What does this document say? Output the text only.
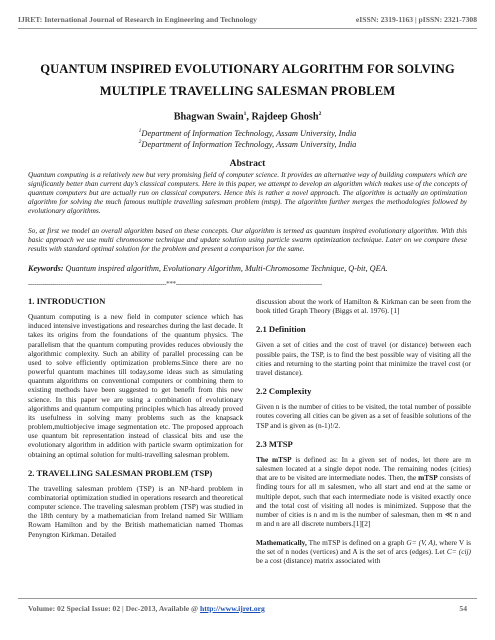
IJRET: International Journal of Research in Engineering and Technology	eISSN: 2319-1163 | pISSN: 2321-7308
QUANTUM INSPIRED EVOLUTIONARY ALGORITHM FOR SOLVING
MULTIPLE TRAVELLING SALESMAN PROBLEM
Bhagwan Swain$^1$, Rajdeep Ghosh$^2$
$^1$Department of Information Technology, Assam University, India
$^2$Department of Information Technology, Assam University, India
Abstract
Quantum computing is a relatively new but very promising field of computer science. It provides an alternative way of building computers which are significantly better than current day’s classical computers. Here in this paper, we attempt to develop an algorithm which makes use of the concepts of quantum computers but are actually run on classical computers. Hence this is rather a novel approach. The algorithm is actually an optimization algorithm for solving the much famous multiple travelling salesman problem (mtsp). The algorithm further merges the methodologies followed by evolutionary algorithms.
So, at first we model an overall algorithm based on these concepts. Our algorithm is termed as quantum inspired evolutionary algorithm. With this basic approach we use multi chromosome technique and update solution using particle swarm optimization technique. Later on we compare these results with standard optimal solution for the problem and present a comparison for the same.
Keywords: Quantum inspired algorithm, Evolutionary Algorithm, Multi-Chromosome Technique, Q-bit, QEA.
--------------------------------------------------------------------***------------------------------------------------------------------------
1. INTRODUCTION
Quantum computing is a new field in computer science which has induced intensive investigations and researches during the last decade. It takes its origins from the foundations of the quantum physics. The parallelism that the quantum computing provides reduces obviously the algorithmic complexity. Such an ability of parallel processing can be used to solve efficiently optimization problems.Since there are no powerful quantum machines till today,some ideas such as simulating quantum algorithms on conventional computers or combining them to existing methods have been suggested to get benefit from this new science. In this paper we are using a combination of evolutionary algorithms and quantum computing principles which has already proved its usefulness in solving many problems such as the knapsack problem,multiobjecive image segmentation etc. The proposed approach use quantum bit representation instead of classical bits and use the evolutionary algorithm in addition with particle swarm optimization for obtaining an optimal solution for multi-travelling salesman problem.
2. TRAVELLING SALESMAN PROBLEM (TSP)
The travelling salesman problem (TSP) is an NP-hard problem in combinatorial optimization studied in operations research and theoretical computer science. The traveling salesman problem (TSP) was studied in the 18th century by a mathematician from Ireland named Sir William Rowam Hamilton and by the British mathematician named Thomas Penyngton Kirkman. Detailed
discussion about the work of Hamilton & Kirkman can be seen from the book titled Graph Theory (Biggs et al. 1976). [1]
2.1 Definition
Given a set of cities and the cost of travel (or distance) between each possible pairs, the TSP, is to find the best possible way of visiting all the cities and returning to the starting point that minimize the travel cost (or travel distance).
2.2 Complexity
Given n is the number of cities to be visited, the total number of possible routes covering all cities can be given as a set of feasible solutions of the TSP and is given as (n-1)!/2.
2.3 MTSP
The mTSP is defined as: In a given set of nodes, let there are m salesmen located at a single depot node. The remaining nodes (cities) that are to be visited are intermediate nodes. Then, the mTSP consists of finding tours for all m salesmen, who all start and end at the same or multiple depot, such that each intermediate node is visited exactly once and the total cost of visiting all nodes is minimized. Suppose that the number of cities is n and m is the number of salesman, then m ≪ n and m and n are all discrete numbers.[1][2]
Mathematically, The mTSP is defined on a graph G= (V, A), where V is the set of n nodes (vertices) and A is the set of arcs (edges). Let C= (cij) be a cost (distance) matrix associated with
Volume: 02 Special Issue: 02 | Dec-2013, Available @ http://www.ijret.org	54
